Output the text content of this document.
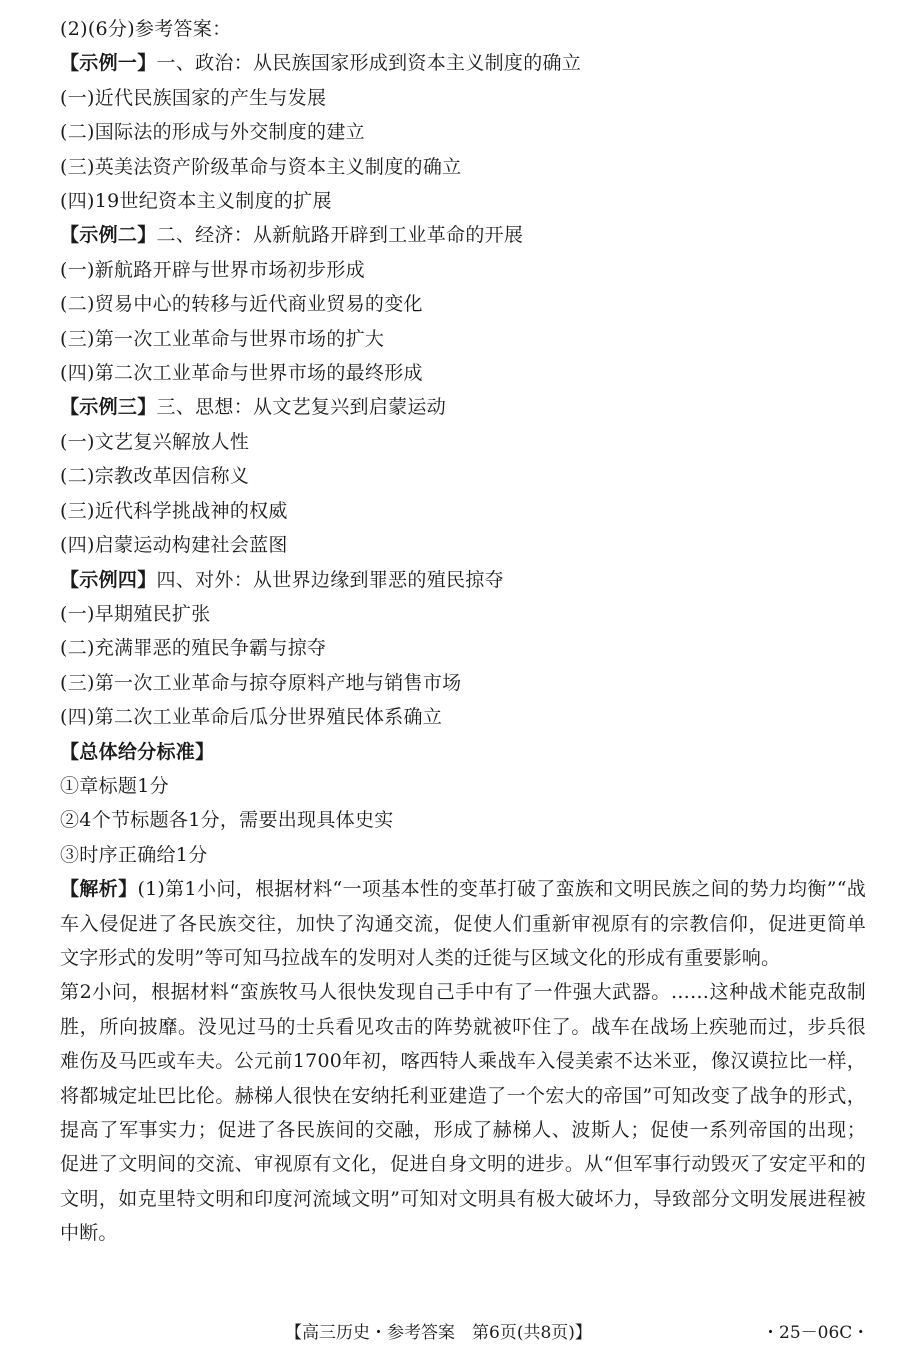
(2)(6分)参考答案：
【示例一】一、政治：从民族国家形成到资本主义制度的确立
(一)近代民族国家的产生与发展
(二)国际法的形成与外交制度的建立
(三)英美法资产阶级革命与资本主义制度的确立
(四)19世纪资本主义制度的扩展
【示例二】二、经济：从新航路开辟到工业革命的开展
(一)新航路开辟与世界市场初步形成
(二)贸易中心的转移与近代商业贸易的变化
(三)第一次工业革命与世界市场的扩大
(四)第二次工业革命与世界市场的最终形成
【示例三】三、思想：从文艺复兴到启蒙运动
(一)文艺复兴解放人性
(二)宗教改革因信称义
(三)近代科学挑战神的权威
(四)启蒙运动构建社会蓝图
【示例四】四、对外：从世界边缘到罪恶的殖民掠夺
(一)早期殖民扩张
(二)充满罪恶的殖民争霸与掠夺
(三)第一次工业革命与掠夺原料产地与销售市场
(四)第二次工业革命后瓜分世界殖民体系确立
【总体给分标准】
①章标题1分
②4个节标题各1分，需要出现具体史实
③时序正确给1分
【解析】(1)第1小问，根据材料“一项基本性的变革打破了蛮族和文明民族之间的势力均衡”“战车入侵促进了各民族交往，加快了沟通交流，促使人们重新审视原有的宗教信仰，促进更简单文字形式的发明”等可知马拉战车的发明对人类的迁徙与区域文化的形成有重要影响。
第2小问，根据材料“蛮族牧马人很快发现自己手中有了一件强大武器。……这种战术能克敌制胜，所向披靡。没见过马的士兵看见攻击的阵势就被吓住了。战车在战场上疾驰而过，步兵很难伤及马匹或车夫。公元前1700年初，喀西特人乘战车入侵美索不达米亚，像汉谟拉比一样，将都城定址巴比伦。赫梯人很快在安纳托利亚建造了一个宏大的帝国”可知改变了战争的形式，提高了军事实力；促进了各民族间的交融，形成了赫梯人、波斯人；促使一系列帝国的出现；促进了文明间的交流、审视原有文化，促进自身文明的进步。从“但军事行动毁灭了安定平和的文明，如克里特文明和印度河流域文明”可知对文明具有极大破坏力，导致部分文明发展进程被中断。
【高三历史・参考答案　第6页(共8页)】	・25－06C・
